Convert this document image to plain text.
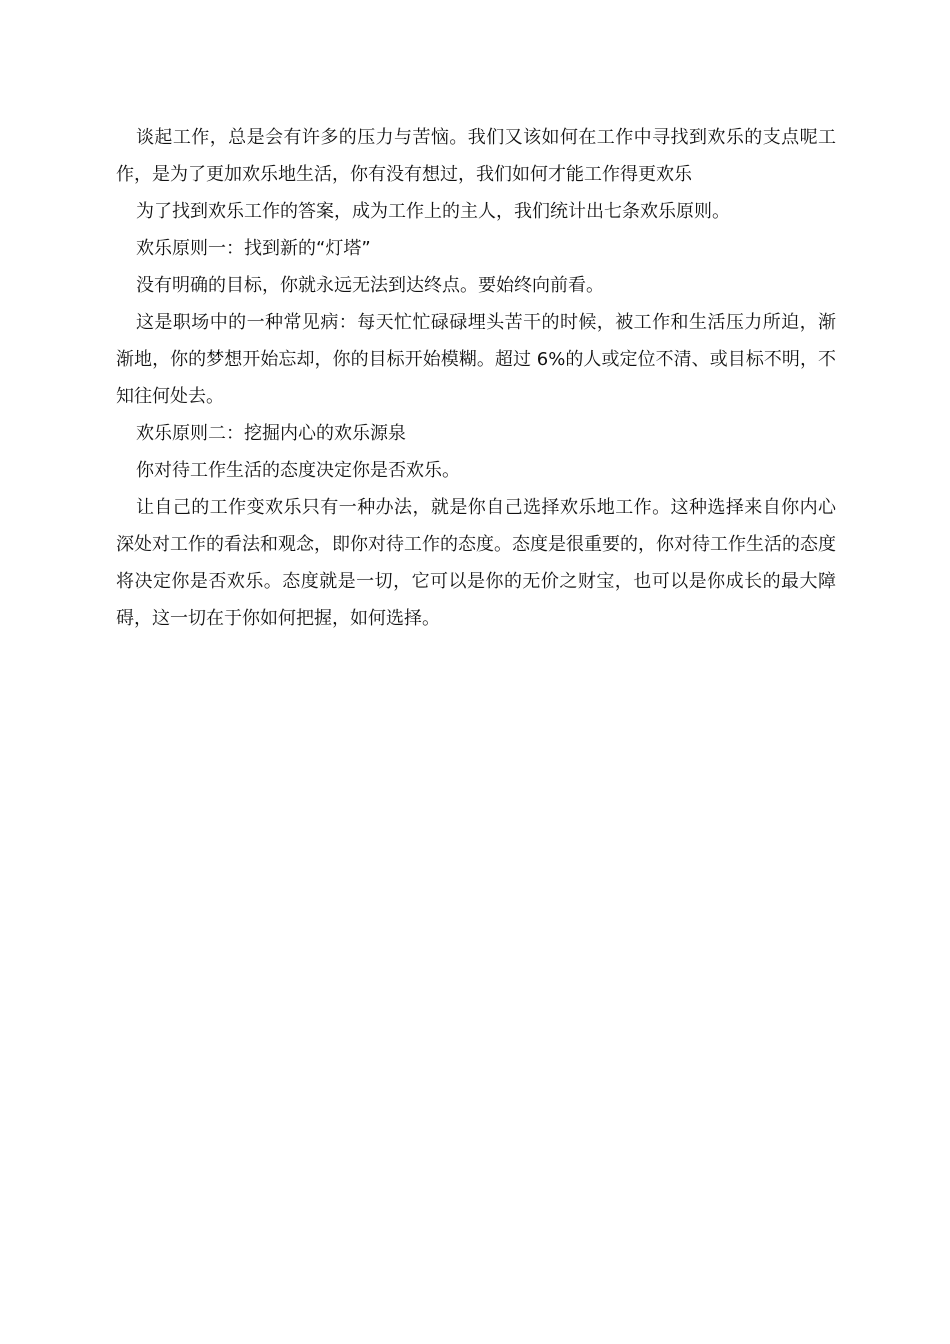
谈起工作，总是会有许多的压力与苦恼。我们又该如何在工作中寻找到欢乐的支点呢工作，是为了更加欢乐地生活，你有没有想过，我们如何才能工作得更欢乐

为了找到欢乐工作的答案，成为工作上的主人，我们统计出七条欢乐原则。

欢乐原则一：找到新的“灯塔”

没有明确的目标，你就永远无法到达终点。要始终向前看。

这是职场中的一种常见病：每天忙忙碌碌埋头苦干的时候，被工作和生活压力所迫，渐渐地，你的梦想开始忘却，你的目标开始模糊。超过 6%的人或定位不清、或目标不明，不知往何处去。

欢乐原则二：挖掘内心的欢乐源泉

你对待工作生活的态度决定你是否欢乐。

让自己的工作变欢乐只有一种办法，就是你自己选择欢乐地工作。这种选择来自你内心深处对工作的看法和观念，即你对待工作的态度。态度是很重要的，你对待工作生活的态度将决定你是否欢乐。态度就是一切，它可以是你的无价之财宝，也可以是你成长的最大障碍，这一切在于你如何把握，如何选择。
